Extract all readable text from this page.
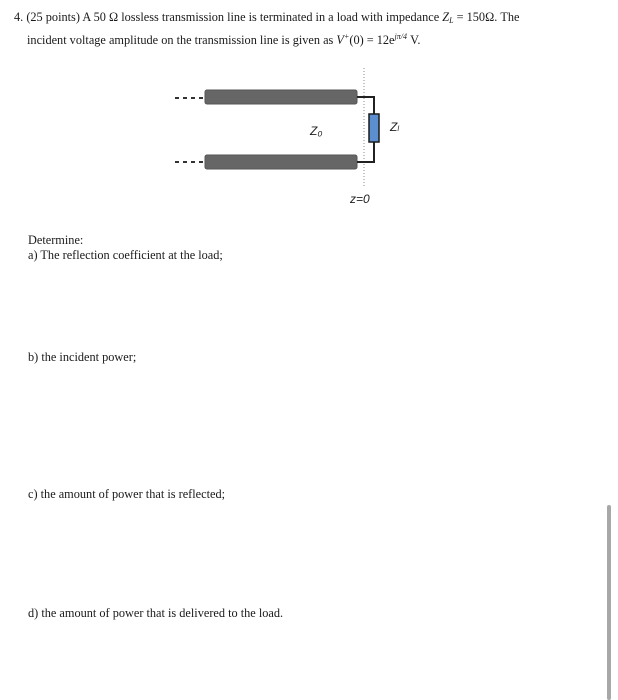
4. (25 points) A 50 Ω lossless transmission line is terminated in a load with impedance $Z_L = 150\Omega$. The
incident voltage amplitude on the transmission line is given as $V^+(0) = 12e^{j\pi/4}$ V.
Z₀	Zₗ
z=0
Determine:
a) The reflection coefficient at the load;
b) the incident power;
c) the amount of power that is reflected;
d) the amount of power that is delivered to the load.
